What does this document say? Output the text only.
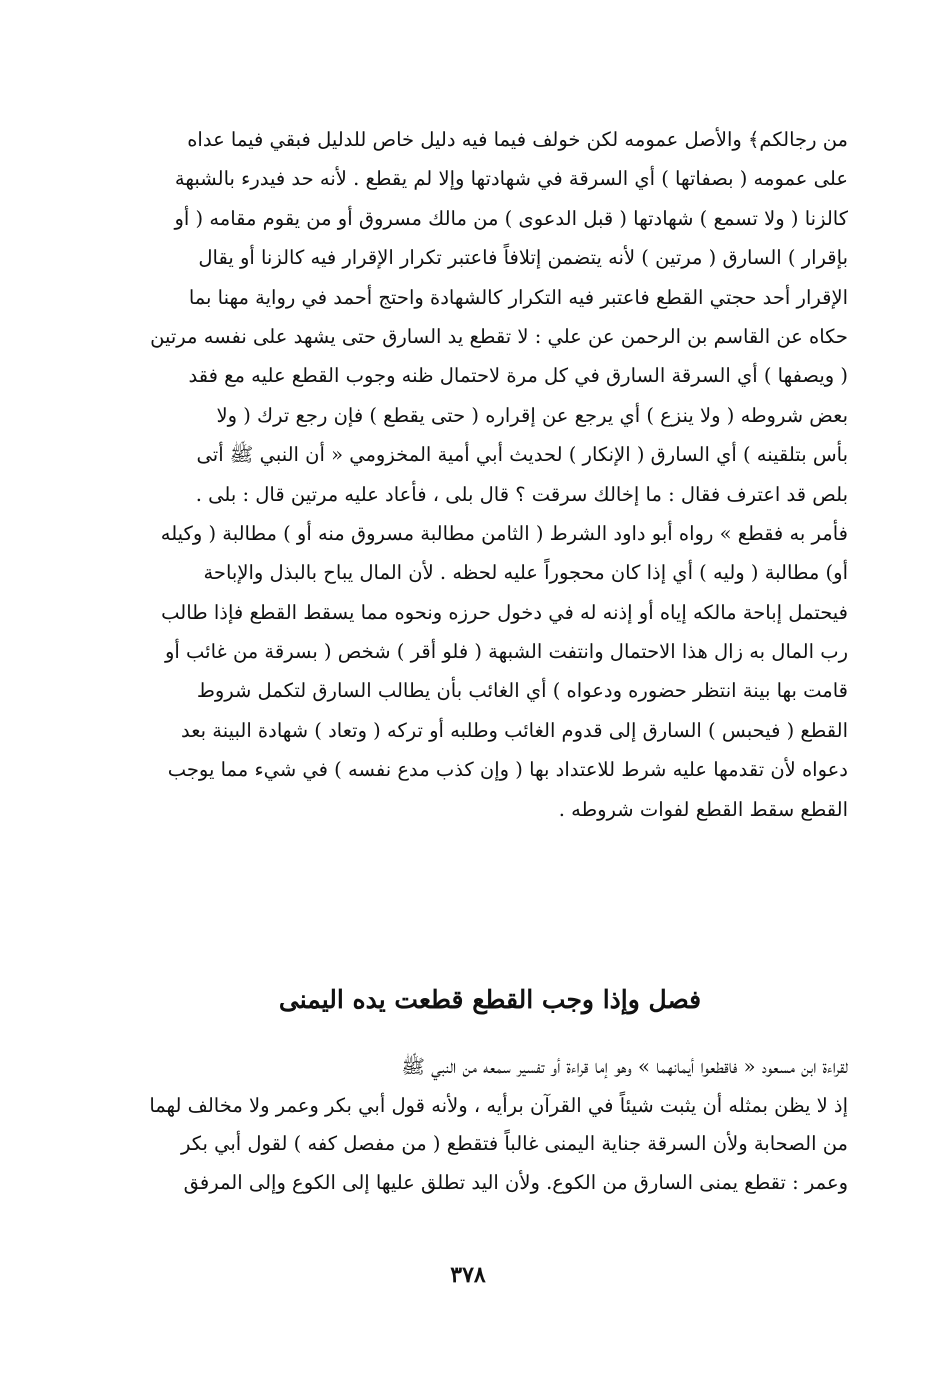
من رجالكم﴾ والأصل عمومه لكن خولف فيما فيه دليل خاص للدليل فبقي فيما عداه
على عمومه ( بصفاتها ) أي السرقة في شهادتها وإلا لم يقطع . لأنه حد فيدرء بالشبهة
كالزنا ( ولا تسمع ) شهادتها ( قبل الدعوى ) من مالك مسروق أو من يقوم مقامه ( أو
بإقرار ) السارق ( مرتين ) لأنه يتضمن إتلافاً فاعتبر تكرار الإقرار فيه كالزنا أو يقال
الإقرار أحد حجتي القطع فاعتبر فيه التكرار كالشهادة واحتج أحمد في رواية مهنا بما
حكاه عن القاسم بن الرحمن عن علي : لا تقطع يد السارق حتى يشهد على نفسه مرتين
( ويصفها ) أي السرقة السارق في كل مرة لاحتمال ظنه وجوب القطع عليه مع فقد
بعض شروطه ( ولا ينزع ) أي يرجع عن إقراره ( حتى يقطع ) فإن رجع ترك ( ولا
بأس بتلقينه ) أي السارق ( الإنكار ) لحديث أبي أمية المخزومي « أن النبي ﷺ أتى
بلص قد اعترف فقال : ما إخالك سرقت ؟ قال بلى ، فأعاد عليه مرتين قال : بلى .
فأمر به فقطع » رواه أبو داود الشرط ( الثامن مطالبة مسروق منه أو ) مطالبة ( وكيله
أو) مطالبة ( وليه ) أي إذا كان محجوراً عليه لحظه . لأن المال يباح بالبذل والإباحة
فيحتمل إباحة مالكه إياه أو إذنه له في دخول حرزه ونحوه مما يسقط القطع فإذا طالب
رب المال به زال هذا الاحتمال وانتفت الشبهة ( فلو أقر ) شخص ( بسرقة من غائب أو
قامت بها بينة انتظر حضوره ودعواه ) أي الغائب بأن يطالب السارق لتكمل شروط
القطع ( فيحبس ) السارق إلى قدوم الغائب وطلبه أو تركه ( وتعاد ) شهادة البينة بعد
دعواه لأن تقدمها عليه شرط للاعتداد بها ( وإن كذب مدع نفسه ) في شيء مما يوجب
القطع سقط القطع لفوات شروطه .
فصل وإذا وجب القطع قطعت يده اليمنى
لقراءة ابن مسعود « فاقطعوا أيمانهما » وهو إما قراءة أو تفسير سمعه من النبي ﷺ
إذ لا يظن بمثله أن يثبت شيئاً في القرآن برأيه ، ولأنه قول أبي بكر وعمر ولا مخالف لهما
من الصحابة ولأن السرقة جناية اليمنى غالباً فتقطع ( من مفصل كفه ) لقول أبي بكر
وعمر : تقطع يمنى السارق من الكوع. ولأن اليد تطلق عليها إلى الكوع وإلى المرفق
٣٧٨
